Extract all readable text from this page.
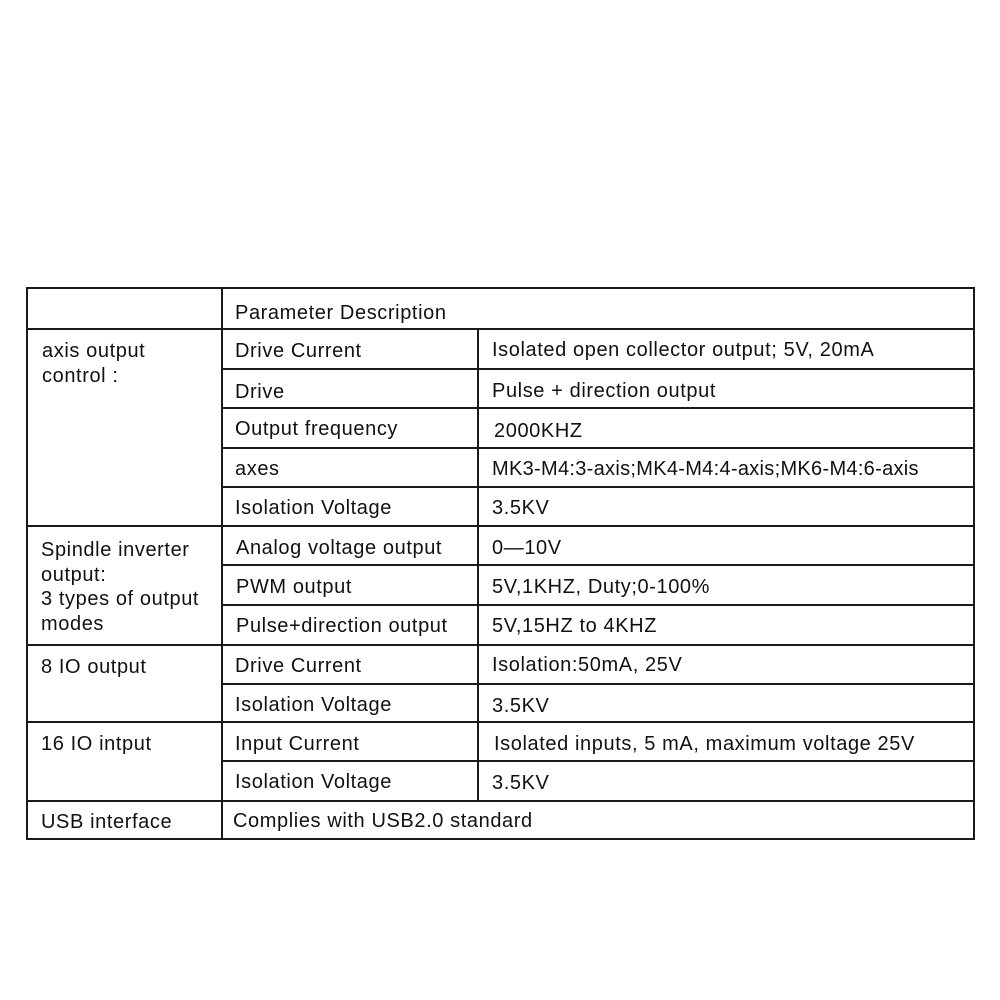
Parameter Description
axis output
control :
Spindle inverter
output:
3 types of output
modes
8 IO output
16 IO intput
USB interface
Drive Current
Drive
Output frequency
axes
Isolation Voltage
Analog voltage output
PWM output
Pulse+direction output
Drive Current
Isolation Voltage
Input Current
Isolation Voltage
Isolated open collector output; 5V, 20mA
Pulse + direction output
2000KHZ
MK3-M4:3-axis;MK4-M4:4-axis;MK6-M4:6-axis
3.5KV
0—10V
5V,1KHZ, Duty;0-100%
5V,15HZ to 4KHZ
Isolation:50mA, 25V
3.5KV
Isolated inputs, 5 mA, maximum voltage 25V
3.5KV
Complies with USB2.0 standard
